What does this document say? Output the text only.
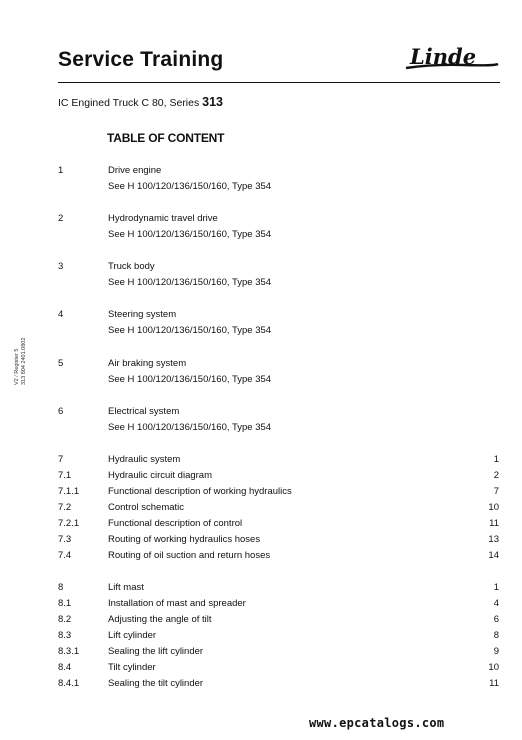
Service Training	Linde
IC Engined Truck C 80, Series 313
TABLE OF CONTENT
V2 / Register 5 313 804 2401.0802
1	Drive engine
See H 100/120/136/150/160, Type 354
2	Hydrodynamic travel drive
See H 100/120/136/150/160, Type 354
3	Truck body
See H 100/120/136/150/160, Type 354
4	Steering system
See H 100/120/136/150/160, Type 354
5	Air braking system
See H 100/120/136/150/160, Type 354
6	Electrical system
See H 100/120/136/150/160, Type 354
7	Hydraulic system	1
7.1	Hydraulic circuit diagram	2
7.1.1	Functional description of working hydraulics	7
7.2	Control schematic	10
7.2.1	Functional description of control	11
7.3	Routing of working hydraulics hoses	13
7.4	Routing of oil suction and return hoses	14
8	Lift mast	1
8.1	Installation of mast and spreader	4
8.2	Adjusting the angle of tilt	6
8.3	Lift cylinder	8
8.3.1	Sealing the lift cylinder	9
8.4	Tilt cylinder	10
8.4.1	Sealing the tilt cylinder	11
www.epcatalogs.com
